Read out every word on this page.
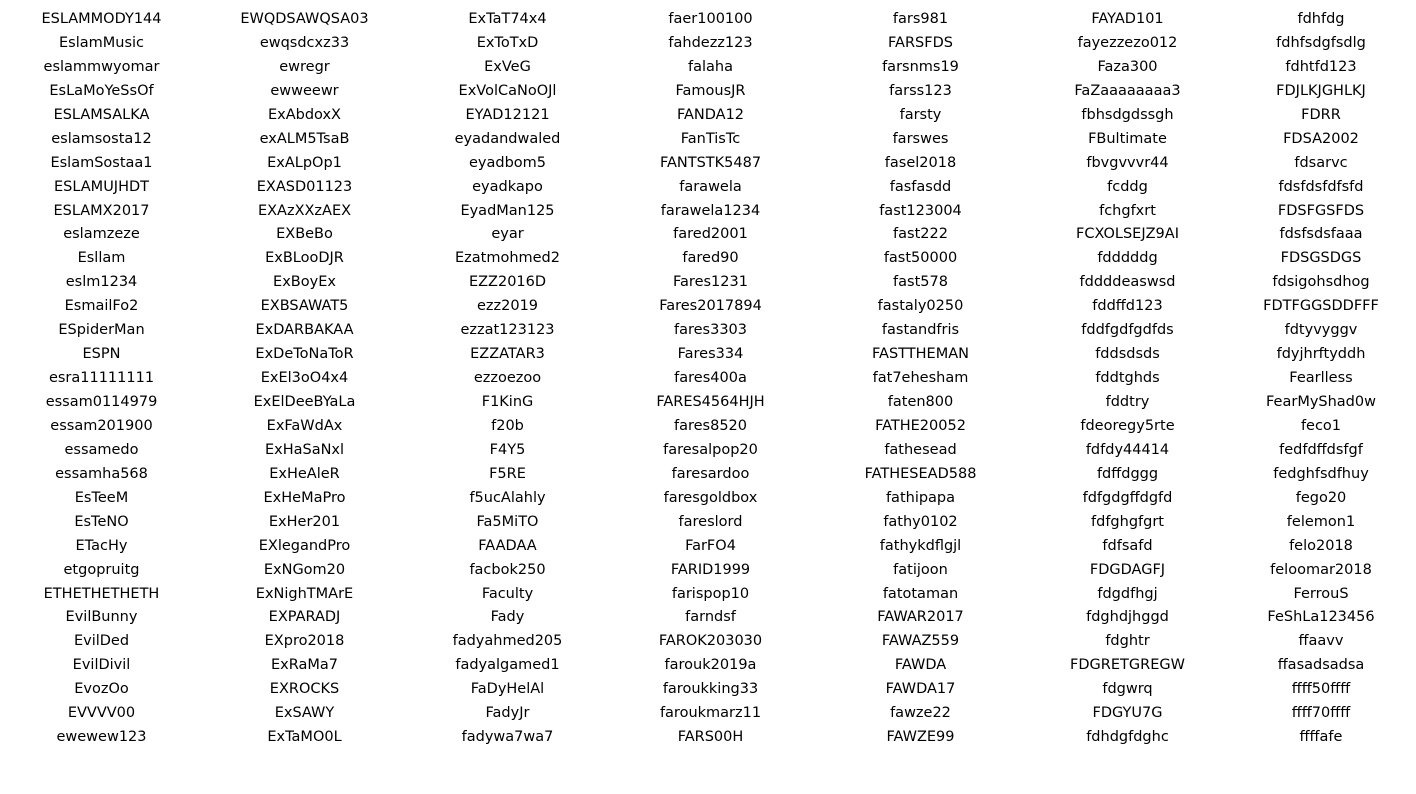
ESLAMMODY144
EslamMusic
eslammwyomar
EsLaMoYeSsOf
ESLAMSALKA
eslamsosta12
EslamSostaa1
ESLAMUJHDT
ESLAMX2017
eslamzeze
Esllam
eslm1234
EsmailFo2
ESpiderMan
ESPN
esra11111111
essam0114979
essam201900
essamedo
essamha568
EsTeeM
EsTeNO
ETacHy
etgopruitg
ETHETHETHETH
EvilBunny
EvilDed
EvilDivil
EvozOo
EVVVV00
ewewew123
EWQDSAWQSA03
ewqsdcxz33
ewregr
ewweewr
ExAbdoxX
exALM5TsaB
ExALpOp1
EXASD01123
EXAzXXzAEX
EXBeBo
ExBLooDJR
ExBoyEx
EXBSAWAT5
ExDARBAKAA
ExDeToNaToR
ExEl3oO4x4
ExElDeeBYaLa
ExFaWdAx
ExHaSaNxl
ExHeAleR
ExHeMaPro
ExHer201
EXlegandPro
ExNGom20
ExNighTMArE
EXPARADJ
EXpro2018
ExRaMa7
EXROCKS
ExSAWY
ExTaMO0L
ExTaT74x4
ExToTxD
ExVeG
ExVolCaNoOJl
EYAD12121
eyadandwaled
eyadbom5
eyadkapo
EyadMan125
eyar
Ezatmohmed2
EZZ2016D
ezz2019
ezzat123123
EZZATAR3
ezzoezoo
F1KinG
f20b
F4Y5
F5RE
f5ucAlahly
Fa5MiTO
FAADAA
facbok250
Faculty
Fady
fadyahmed205
fadyalgamed1
FaDyHelAl
FadyJr
fadywa7wa7
faer100100
fahdezz123
falaha
FamousJR
FANDA12
FanTisTc
FANTSTK5487
farawela
farawela1234
fared2001
fared90
Fares1231
Fares2017894
fares3303
Fares334
fares400a
FARES4564HJH
fares8520
faresalpop20
faresardoo
faresgoldbox
fareslord
FarFO4
FARID1999
farispop10
farndsf
FAROK203030
farouk2019a
faroukking33
faroukmarz11
FARS00H
fars981
FARSFDS
farsnms19
farss123
farsty
farswes
fasel2018
fasfasdd
fast123004
fast222
fast50000
fast578
fastaly0250
fastandfris
FASTTHEMAN
fat7ehesham
faten800
FATHE20052
fathesead
FATHESEAD588
fathipapa
fathy0102
fathykdflgjl
fatijoon
fatotaman
FAWAR2017
FAWAZ559
FAWDA
FAWDA17
fawze22
FAWZE99
FAYAD101
fayezzezo012
Faza300
FaZaaaaaaaa3
fbhsdgdssgh
FBultimate
fbvgvvvr44
fcddg
fchgfxrt
FCXOLSEJZ9AI
fdddddg
fddddeaswsd
fddffd123
fddfgdfgdfds
fddsdsds
fddtghds
fddtry
fdeoregy5rte
fdfdy44414
fdffdggg
fdfgdgffdgfd
fdfghgfgrt
fdfsafd
FDGDAGFJ
fdgdfhgj
fdghdjhggd
fdghtr
FDGRETGREGW
fdgwrq
FDGYU7G
fdhdgfdghc
fdhfdg
fdhfsdgfsdlg
fdhtfd123
FDJLKJGHLKJ
FDRR
FDSA2002
fdsarvc
fdsfdsfdfsfd
FDSFGSFDS
fdsfsdsfaaa
FDSGSDGS
fdsigohsdhog
FDTFGGSDDFFF
fdtyvyggv
fdyjhrftyddh
Fearlless
FearMyShad0w
feco1
fedfdffdsfgf
fedghfsdfhuy
fego20
felemon1
felo2018
feloomar2018
FerrouS
FeShLa123456
ffaavv
ffasadsadsa
ffff50ffff
ffff70ffff
ffffafe
